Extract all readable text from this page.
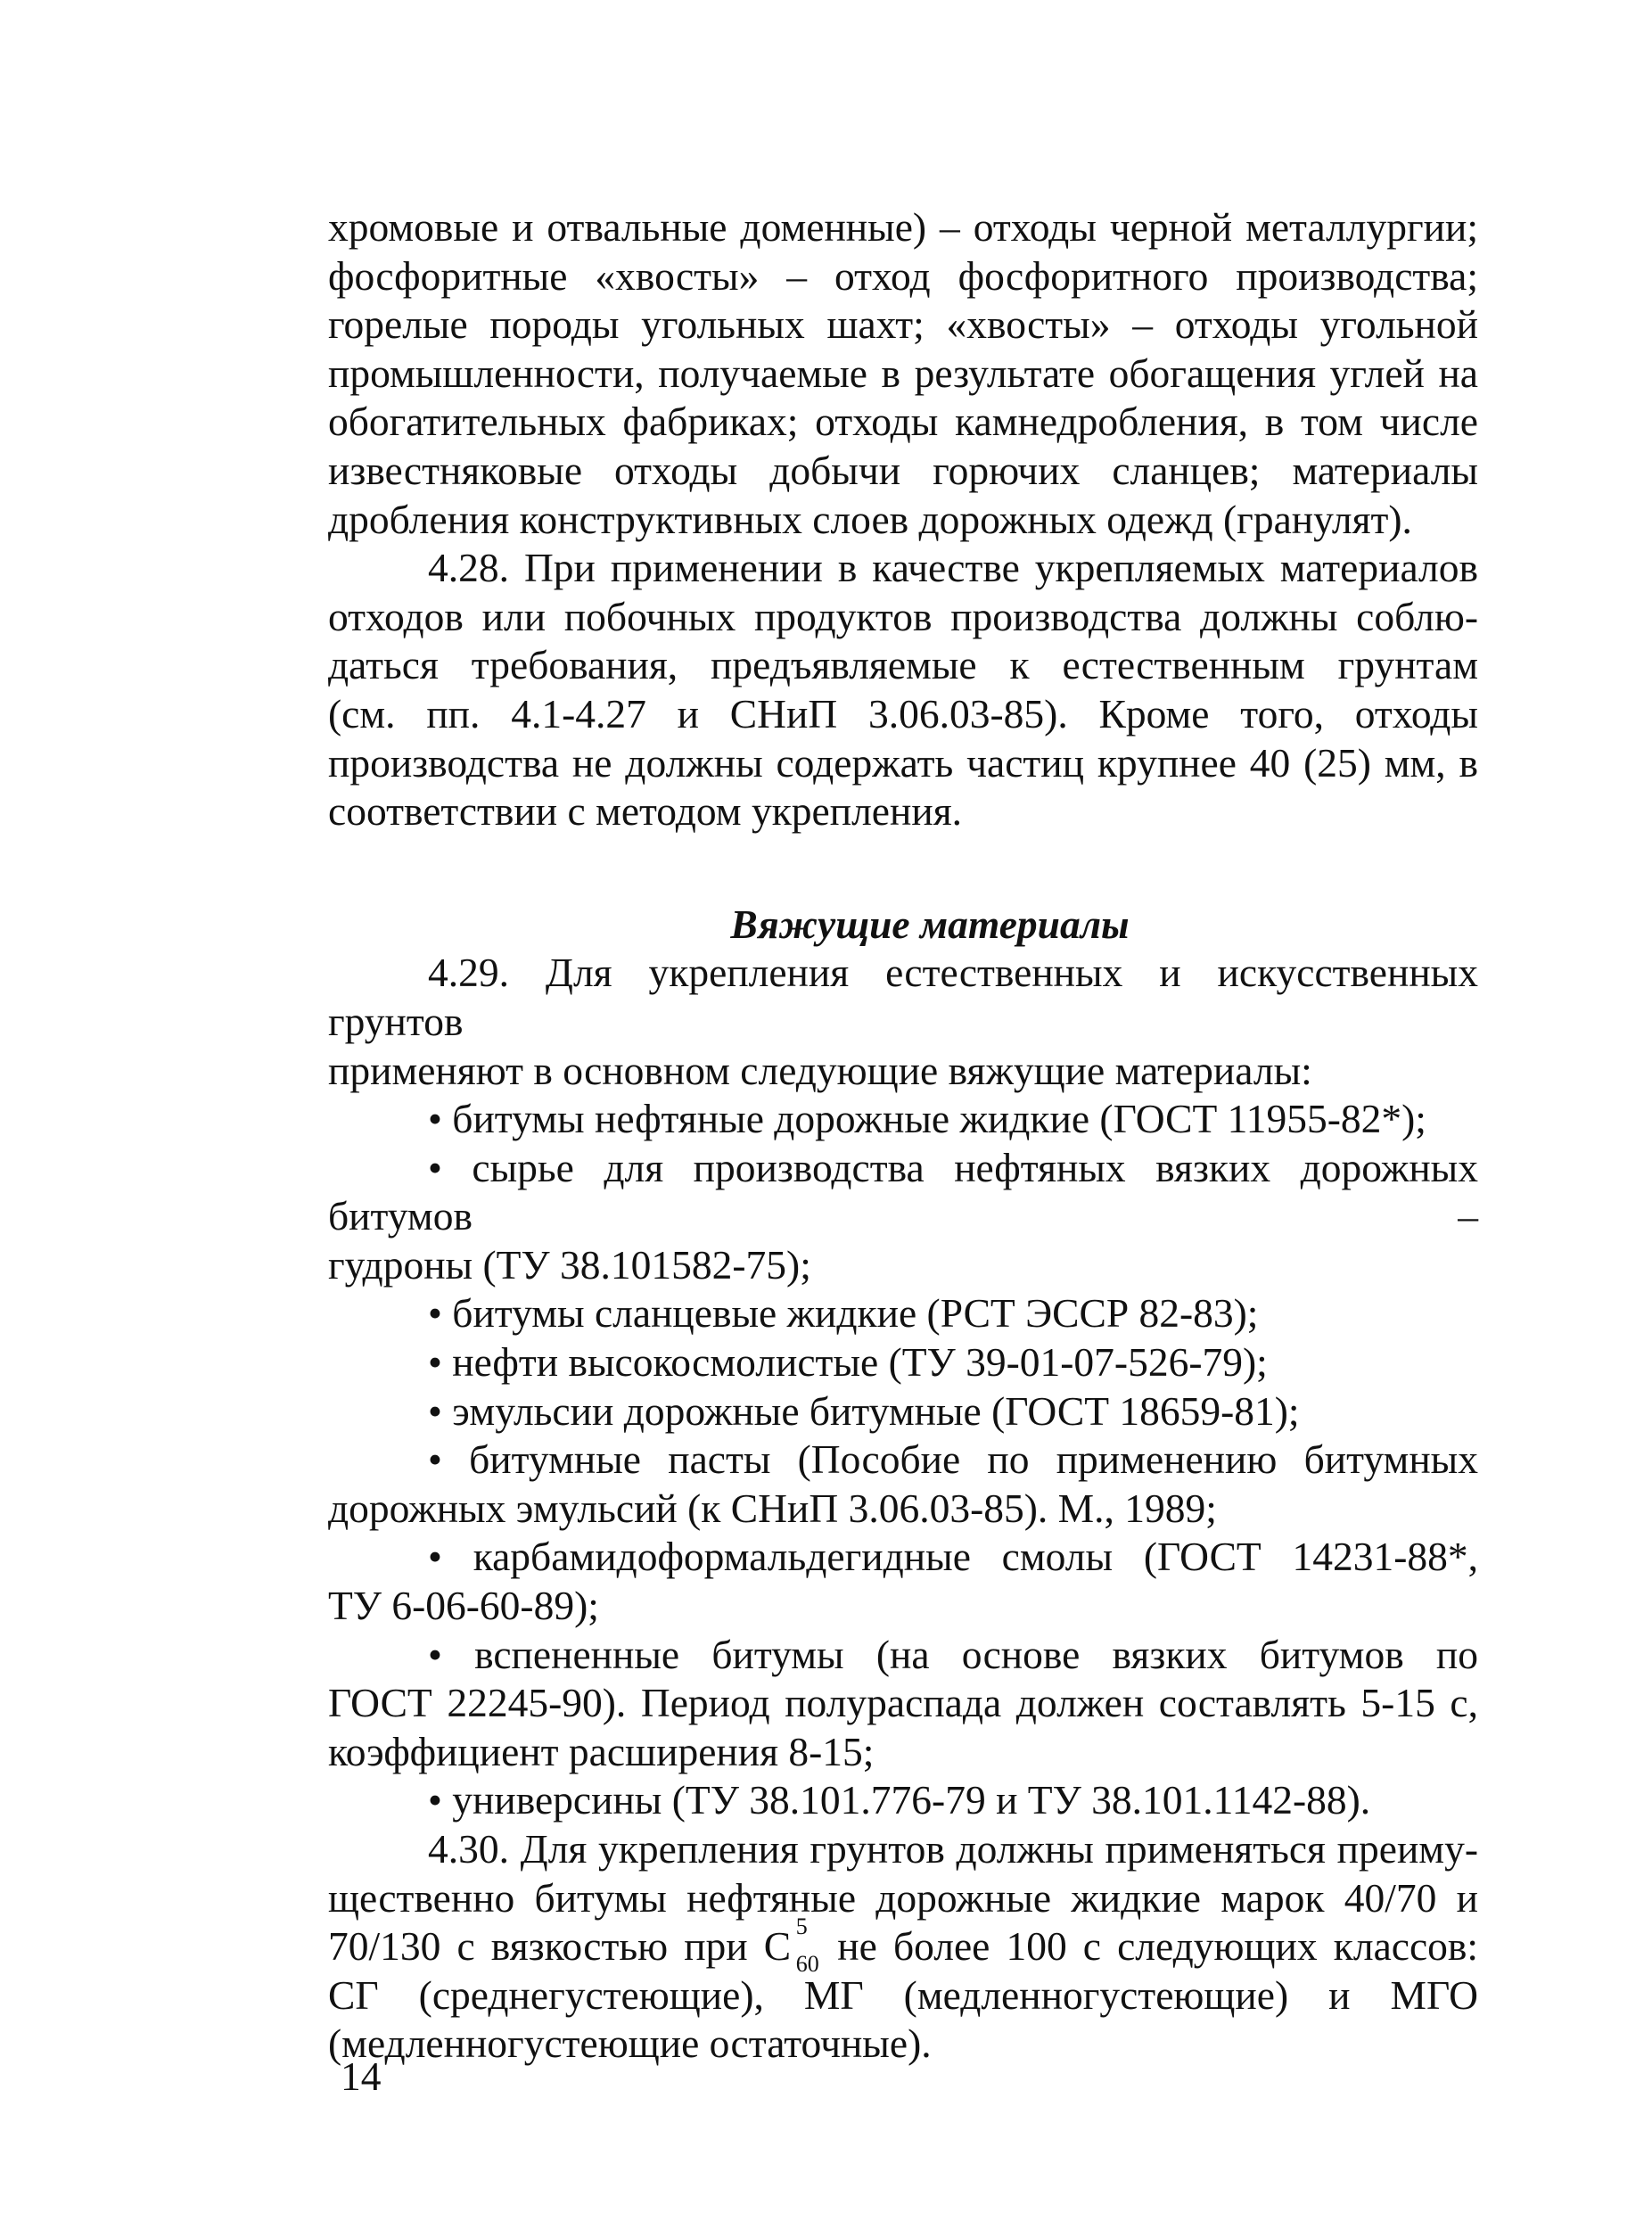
хромовые и отвальные доменные) – отходы черной металлургии;
фосфоритные «хвосты» – отход фосфоритного производства;
горелые породы угольных шахт; «хвосты» – отходы угольной
промышленности, получаемые в результате обогащения углей на
обогатительных фабриках; отходы камнедробления, в том числе
известняковые отходы добычи горючих сланцев; материалы
дробления конструктивных слоев дорожных одежд (гранулят).
4.28. При применении в качестве укрепляемых материалов
отходов или побочных продуктов производства должны соблю-
даться требования, предъявляемые к естественным грунтам
(см. пп. 4.1-4.27 и СНиП 3.06.03-85). Кроме того, отходы
производства не должны содержать частиц крупнее 40 (25) мм, в
соответствии с методом укрепления.
Вяжущие материалы
4.29. Для укрепления естественных и искусственных грунтов
применяют в основном следующие вяжущие материалы:
• битумы нефтяные дорожные жидкие (ГОСТ 11955-82*);
• сырье для производства нефтяных вязких дорожных битумов –
гудроны (ТУ 38.101582-75);
• битумы сланцевые жидкие (РСТ ЭССР 82-83);
• нефти высокосмолистые (ТУ 39-01-07-526-79);
• эмульсии дорожные битумные (ГОСТ 18659-81);
• битумные пасты (Пособие по применению битумных
дорожных эмульсий (к СНиП 3.06.03-85). М., 1989;
• карбамидоформальдегидные смолы (ГОСТ 14231-88*,
ТУ 6-06-60-89);
• вспененные битумы (на основе вязких битумов по
ГОСТ 22245-90). Период полураспада должен составлять 5-15 с,
коэффициент расширения 8-15;
• универсины (ТУ 38.101.776-79 и ТУ 38.101.1142-88).
4.30. Для укрепления грунтов должны применяться преиму-
щественно битумы нефтяные дорожные жидкие марок 40/70 и
70/130 с вязкостью при С 5
60 не более 100 с следующих классов:
СГ (среднегустеющие), МГ (медленногустеющие) и МГО
(медленногустеющие остаточные).
14
